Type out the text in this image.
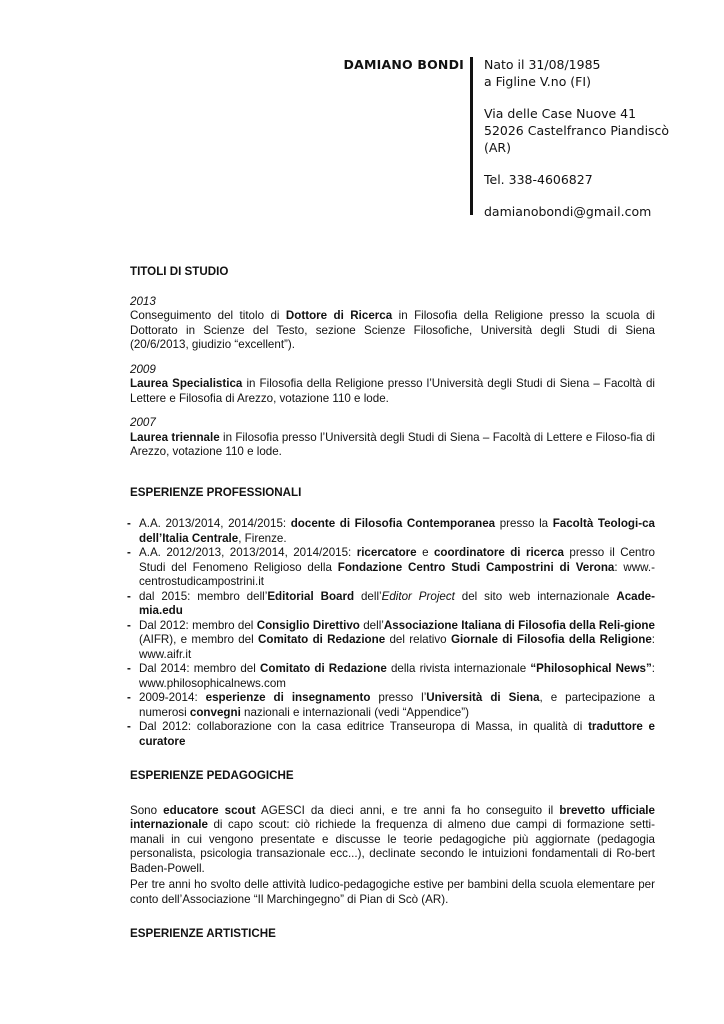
DAMIANO BONDI Nato il 31/08/1985
a Figline V.no (FI)
Via delle Case Nuove 41
52026 Castelfranco Piandiscò
(AR)
Tel. 338-4606827
damianobondi@gmail.com
TITOLI DI STUDIO
2013

Conseguimento del titolo di Dottore di Ricerca in Filosofia della Religione presso la scuola di Dottorato in Scienze del Testo, sezione Scienze Filosofiche, Università degli Studi di Siena (20/6/2013, giudizio “excellent”).

2009

Laurea Specialistica in Filosofia della Religione presso l’Università degli Studi di Siena – Facoltà di Lettere e Filosofia di Arezzo, votazione 110 e lode.

2007

Laurea triennale in Filosofia presso l’Università degli Studi di Siena – Facoltà di Lettere e Filoso-fia di Arezzo, votazione 110 e lode.

ESPERIENZE PROFESSIONALI
- A.A. 2013/2014, 2014/2015: docente di Filosofia Contemporanea presso la Facoltà Teologi-ca dell’Italia Centrale, Firenze.
- A.A. 2012/2013, 2013/2014, 2014/2015: ricercatore e coordinatore di ricerca presso il Centro Studi del Fenomeno Religioso della Fondazione Centro Studi Campostrini di Verona: www.-centrostudicampostrini.it
- dal 2015: membro dell’Editorial Board dell’Editor Project del sito web internazionale Acade-mia.edu
- Dal 2012: membro del Consiglio Direttivo dell’Associazione Italiana di Filosofia della Reli-gione (AIFR), e membro del Comitato di Redazione del relativo Giornale di Filosofia della Religione: www.aifr.it
- Dal 2014: membro del Comitato di Redazione della rivista internazionale “Philosophical News”: www.philosophicalnews.com
- 2009-2014: esperienze di insegnamento presso l’Università di Siena, e partecipazione a numerosi convegni nazionali e internazionali (vedi “Appendice”)
- Dal 2012: collaborazione con la casa editrice Transeuropa di Massa, in qualità di traduttore e curatore
ESPERIENZE PEDAGOGICHE

Sono educatore scout AGESCI da dieci anni, e tre anni fa ho conseguito il brevetto ufficiale internazionale di capo scout: ciò richiede la frequenza di almeno due campi di formazione setti-manali in cui vengono presentate e discusse le teorie pedagogiche più aggiornate (pedagogia personalista, psicologia transazionale ecc...), declinate secondo le intuizioni fondamentali di Ro-bert Baden-Powell.

Per tre anni ho svolto delle attività ludico-pedagogiche estive per bambini della scuola elementare per conto dell’Associazione “Il Marchingegno” di Pian di Scò (AR).

ESPERIENZE ARTISTICHE
